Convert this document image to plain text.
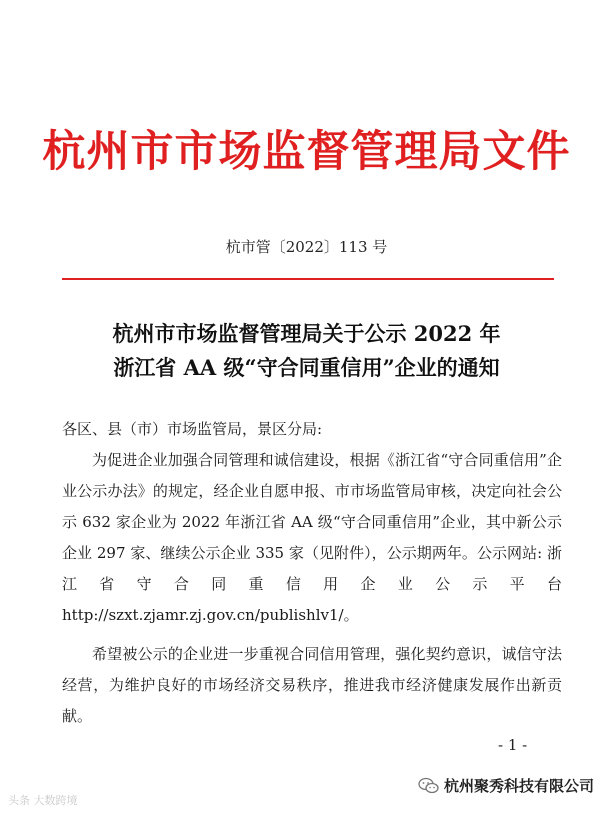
杭州市市场监督管理局文件
杭市管〔2022〕113 号
杭州市市场监督管理局关于公示 2022 年
浙江省 AA 级“守合同重信用”企业的通知

各区、县（市）市场监管局，景区分局:

为促进企业加强合同管理和诚信建设，根据《浙江省“守合同重信用”企业公示办法》的规定，经企业自愿申报、市市场监管局审核，决定向社会公示 632 家企业为 2022 年浙江省 AA 级“守合同重信用”企业，其中新公示企业 297 家、继续公示企业 335 家（见附件），公示期两年。公示网站: 浙江省守合同重信用企业公示平台 http://szxt.zjamr.zj.gov.cn/publishlv1/。

希望被公示的企业进一步重视合同信用管理，强化契约意识，诚信守法经营，为维护良好的市场经济交易秩序，推进我市经济健康发展作出新贡献。

- 1 -
头条 大数跨境
杭州聚秀科技有限公司
